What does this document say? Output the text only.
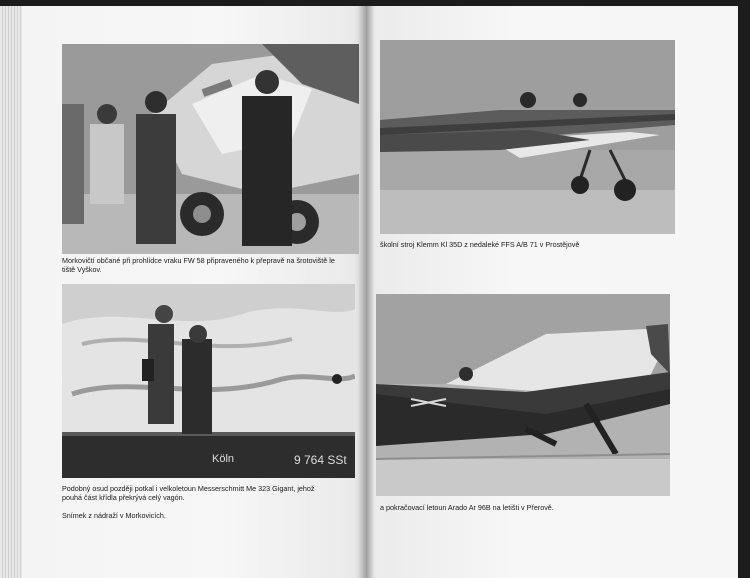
Morkovičtí občané při prohlídce vraku FW 58 připraveného k přepravě na šrotoviště le
tiště Vyškov.
Köln	9 764 SSt
Podobný osud později potkal i velkoletoun Messerschmitt Me 323 Gigant, jehož
pouhá část křídla překrývá celý vagón.
Snímek z nádraží v Morkovicích.
školní stroj Klemm Kl 35D z nedaleké FFS A/B 71 v Prostějově
a pokračovací letoun Arado Ar 96B na letišti v Přerově.
